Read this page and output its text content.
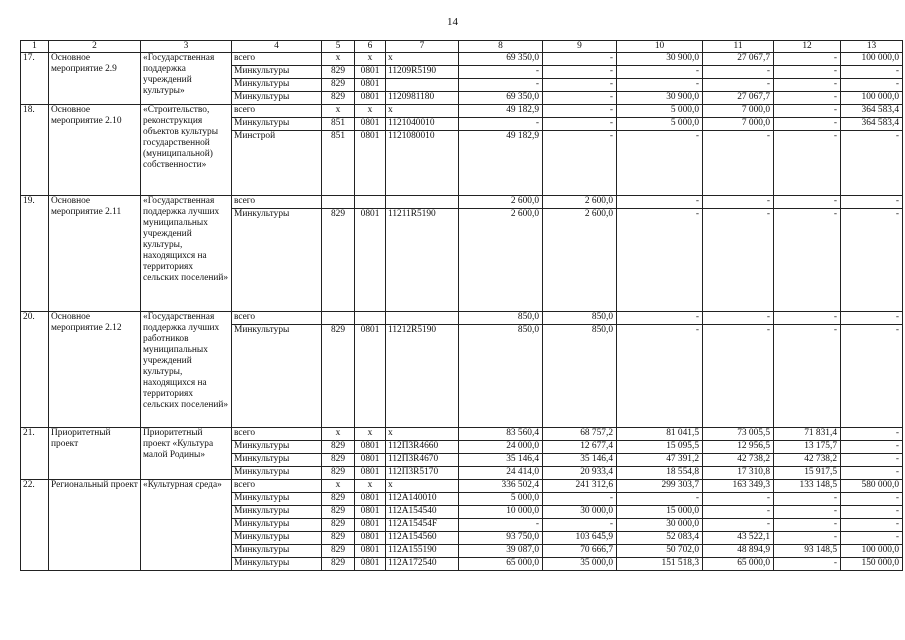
14
1	2	3	4	5	6	7	8	9	10	11	12	13
17.	Основное мероприятие 2.9	«Государственная поддержка учреждений культуры»	всего	x	x	x	69 350,0	-	30 900,0	27 067,7	-	100 000,0
			Минкультуры	829	0801	11209R5190	-	-	-	-	-	-
			Минкультуры	829	0801		-	-	-	-	-	-
			Минкультуры	829	0801	1120981180	69 350,0	-	30 900,0	27 067,7	-	100 000,0
18.	Основное мероприятие 2.10	«Строительство, реконструкция объектов культуры государственной (муниципальной) собственности»	всего	x	x	x	49 182,9	-	5 000,0	7 000,0	-	364 583,4
			Минкультуры	851	0801	1121040010	-	-	5 000,0	7 000,0	-	364 583,4
			Минстрой	851	0801	1121080010	49 182,9	-	-	-	-	-
19.	Основное мероприятие 2.11	«Государственная поддержка лучших муниципальных учреждений культуры, находящихся на территориях сельских поселений»	всего				2 600,0	2 600,0	-	-	-	-
			Минкультуры	829	0801	11211R5190	2 600,0	2 600,0	-	-	-	-
20.	Основное мероприятие 2.12	«Государственная поддержка лучших работников муниципальных учреждений культуры, находящихся на территориях сельских поселений»	всего				850,0	850,0	-	-	-	-
			Минкультуры	829	0801	11212R5190	850,0	850,0	-	-	-	-
21.	Приоритетный проект	Приоритетный проект «Культура малой Родины»	всего	x	x	x	83 560,4	68 757,2	81 041,5	73 005,5	71 831,4	-
			Минкультуры	829	0801	112П3R4660	24 000,0	12 677,4	15 095,5	12 956,5	13 175,7	-
			Минкультуры	829	0801	112П3R4670	35 146,4	35 146,4	47 391,2	42 738,2	42 738,2	-
			Минкультуры	829	0801	112П3R5170	24 414,0	20 933,4	18 554,8	17 310,8	15 917,5	-
22.	Региональный проект	«Культурная среда»	всего	x	x	x	336 502,4	241 312,6	299 303,7	163 349,3	133 148,5	580 000,0
			Минкультуры	829	0801	112А140010	5 000,0	-	-	-	-	-
			Минкультуры	829	0801	112А154540	10 000,0	30 000,0	15 000,0	-	-	-
			Минкультуры	829	0801	112А15454F	-	-	30 000,0	-	-	-
			Минкультуры	829	0801	112А154560	93 750,0	103 645,9	52 083,4	43 522,1	-	-
			Минкультуры	829	0801	112А155190	39 087,0	70 666,7	50 702,0	48 894,9	93 148,5	100 000,0
			Минкультуры	829	0801	112А172540	65 000,0	35 000,0	151 518,3	65 000,0	-	150 000,0
